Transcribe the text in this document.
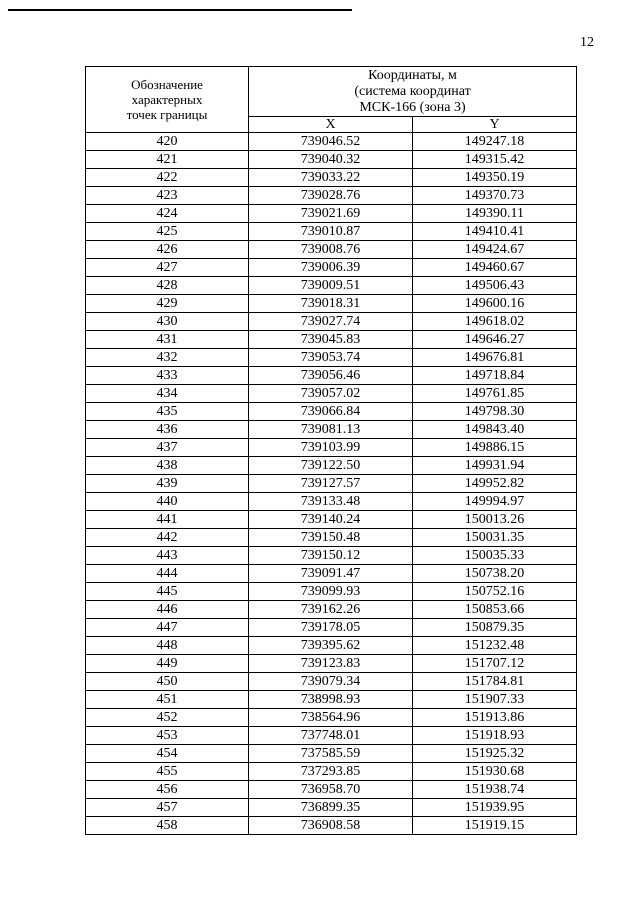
12
Обозначение
характерных
точек границы	Координаты, м
(система координат
МСК-166 (зона 3)	
	X	Y
420	739046.52	149247.18
421	739040.32	149315.42
422	739033.22	149350.19
423	739028.76	149370.73
424	739021.69	149390.11
425	739010.87	149410.41
426	739008.76	149424.67
427	739006.39	149460.67
428	739009.51	149506.43
429	739018.31	149600.16
430	739027.74	149618.02
431	739045.83	149646.27
432	739053.74	149676.81
433	739056.46	149718.84
434	739057.02	149761.85
435	739066.84	149798.30
436	739081.13	149843.40
437	739103.99	149886.15
438	739122.50	149931.94
439	739127.57	149952.82
440	739133.48	149994.97
441	739140.24	150013.26
442	739150.48	150031.35
443	739150.12	150035.33
444	739091.47	150738.20
445	739099.93	150752.16
446	739162.26	150853.66
447	739178.05	150879.35
448	739395.62	151232.48
449	739123.83	151707.12
450	739079.34	151784.81
451	738998.93	151907.33
452	738564.96	151913.86
453	737748.01	151918.93
454	737585.59	151925.32
455	737293.85	151930.68
456	736958.70	151938.74
457	736899.35	151939.95
458	736908.58	151919.15
